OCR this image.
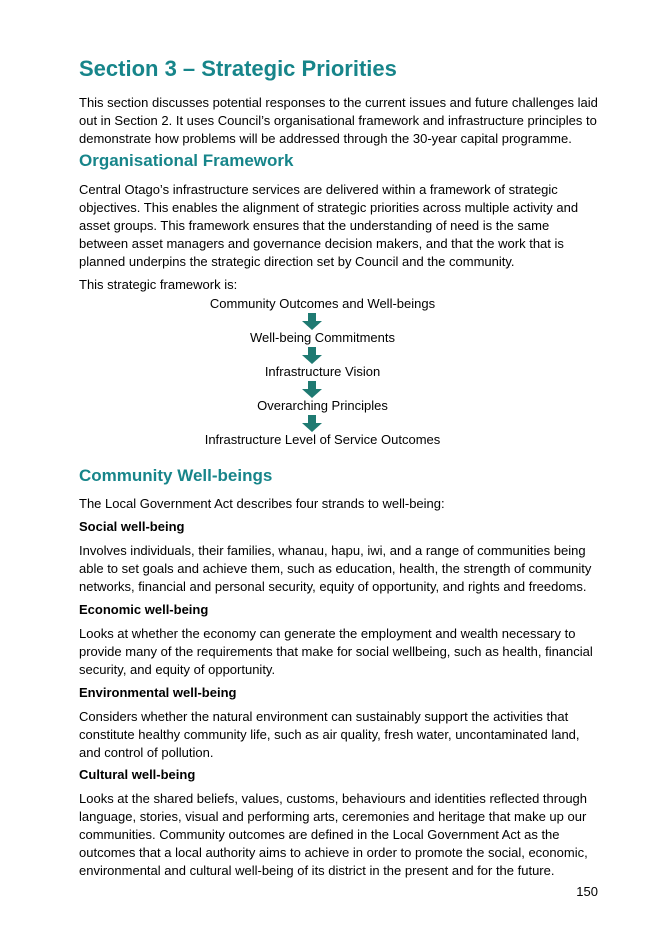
Section 3 – Strategic Priorities

This section discusses potential responses to the current issues and future challenges laid

out in Section 2. It uses Council’s organisational framework and infrastructure principles to

demonstrate how problems will be addressed through the 30-year capital programme.

Organisational Framework

Central Otago’s infrastructure services are delivered within a framework of strategic

objectives. This enables the alignment of strategic priorities across multiple activity and

asset groups. This framework ensures that the understanding of need is the same

between asset managers and governance decision makers, and that the work that is

planned underpins the strategic direction set by Council and the community.

This strategic framework is:

Community Outcomes and Well-beings
Well-being Commitments
Infrastructure Vision
Overarching Principles
Infrastructure Level of Service Outcomes
Community Well-beings

The Local Government Act describes four strands to well-being:

Social well-being

Involves individuals, their families, whanau, hapu, iwi, and a range of communities being

able to set goals and achieve them, such as education, health, the strength of community

networks, financial and personal security, equity of opportunity, and rights and freedoms.

Economic well-being

Looks at whether the economy can generate the employment and wealth necessary to

provide many of the requirements that make for social wellbeing, such as health, financial

security, and equity of opportunity.

Environmental well-being

Considers whether the natural environment can sustainably support the activities that

constitute healthy community life, such as air quality, fresh water, uncontaminated land,

and control of pollution.

Cultural well-being

Looks at the shared beliefs, values, customs, behaviours and identities reflected through

language, stories, visual and performing arts, ceremonies and heritage that make up our

communities. Community outcomes are defined in the Local Government Act as the

outcomes that a local authority aims to achieve in order to promote the social, economic,

environmental and cultural well-being of its district in the present and for the future.

150
